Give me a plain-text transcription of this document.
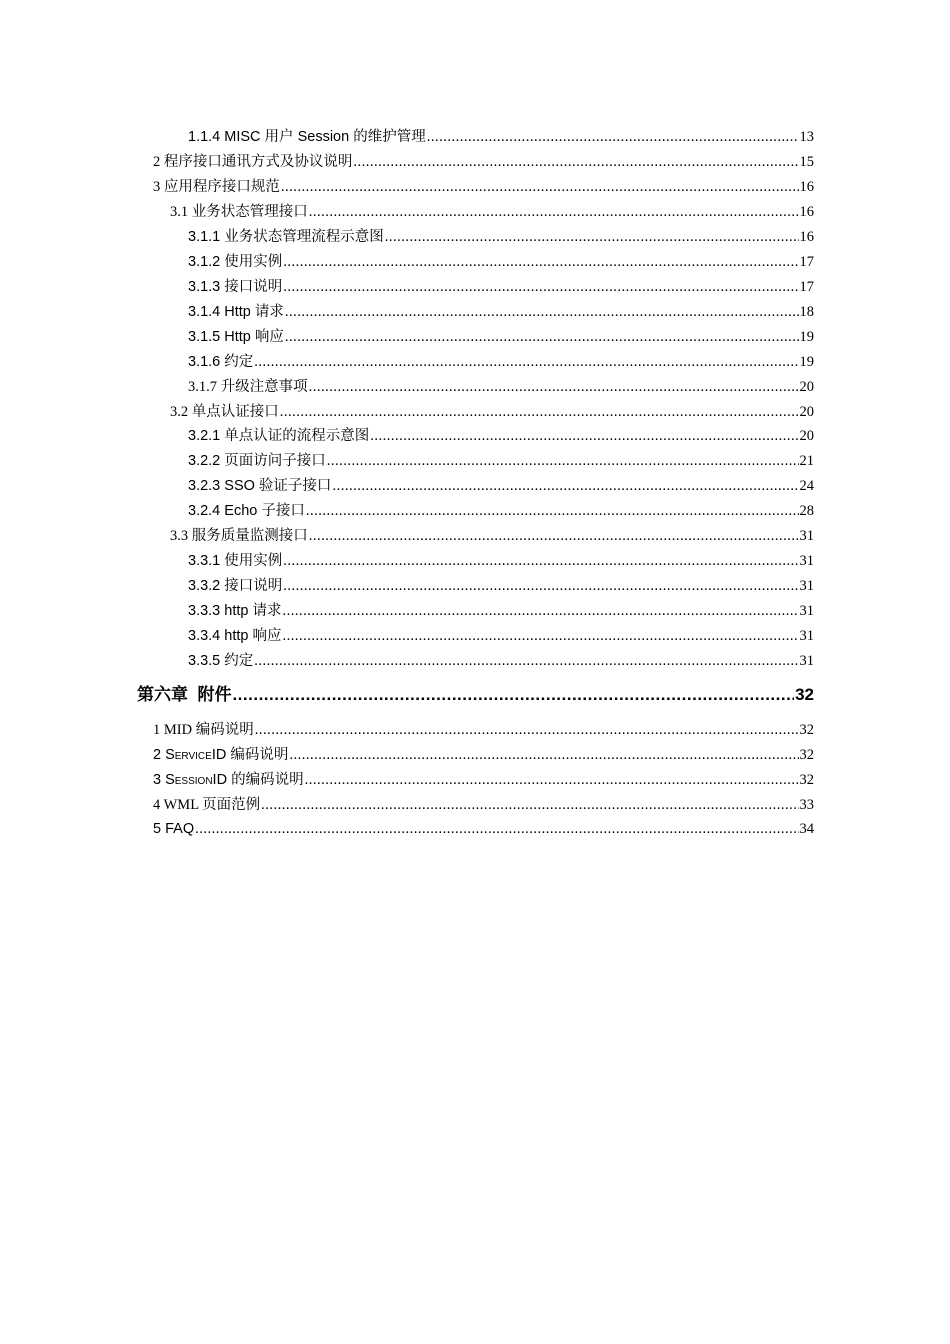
1.1.4 MISC 用户 Session 的维护管理 .....	13
2 程序接口通讯方式及协议说明 .....	15
3 应用程序接口规范 .....	16
3.1 业务状态管理接口 .....	16
3.1.1 业务状态管理流程示意图 .....	16
3.1.2 使用实例 .....	17
3.1.3 接口说明 .....	17
3.1.4 Http 请求 .....	18
3.1.5 Http 响应 .....	19
3.1.6 约定 .....	19
3.1.7 升级注意事项 .....	20
3.2 单点认证接口 .....	20
3.2.1 单点认证的流程示意图 .....	20
3.2.2 页面访问子接口 .....	21
3.2.3 SSO 验证子接口 .....	24
3.2.4 Echo 子接口 .....	28
3.3 服务质量监测接口 .....	31
3.3.1 使用实例 .....	31
3.3.2 接口说明 .....	31
3.3.3 http 请求 .....	31
3.3.4 http 响应 .....	31
3.3.5 约定 .....	31
第六章  附件 .....	32
1 MID 编码说明 .....	32
2 ServiceID 编码说明 .....	32
3 SessionID 的编码说明 .....	32
4 WML 页面范例 .....	33
5 FAQ .....	34
